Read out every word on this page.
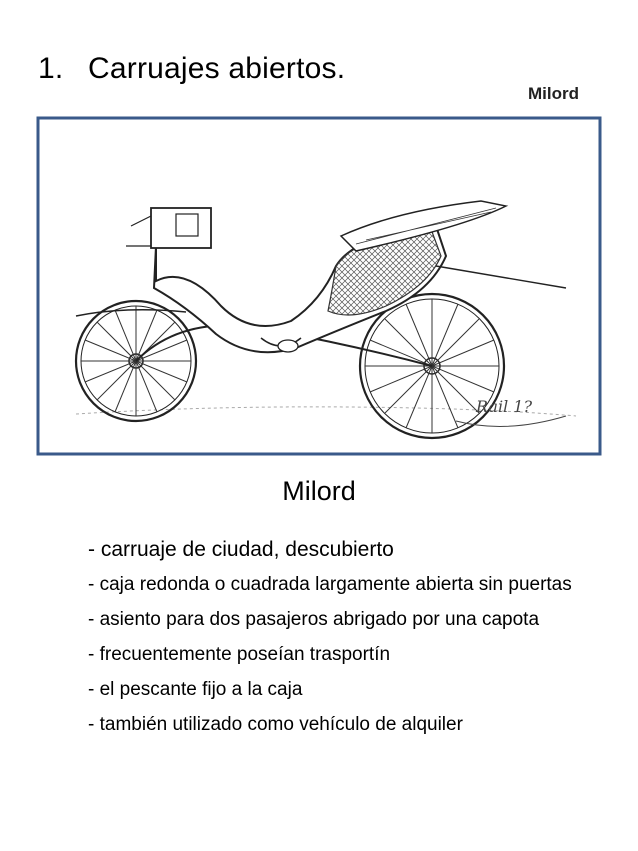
1. Carruajes abiertos.
Milord
Rail 1?
Milord
- carruaje de ciudad, descubierto
- caja redonda o cuadrada largamente abierta sin puertas
- asiento para dos pasajeros abrigado por una capota
- frecuentemente poseían trasportín
- el pescante fijo a la caja
- también utilizado como vehículo de alquiler
